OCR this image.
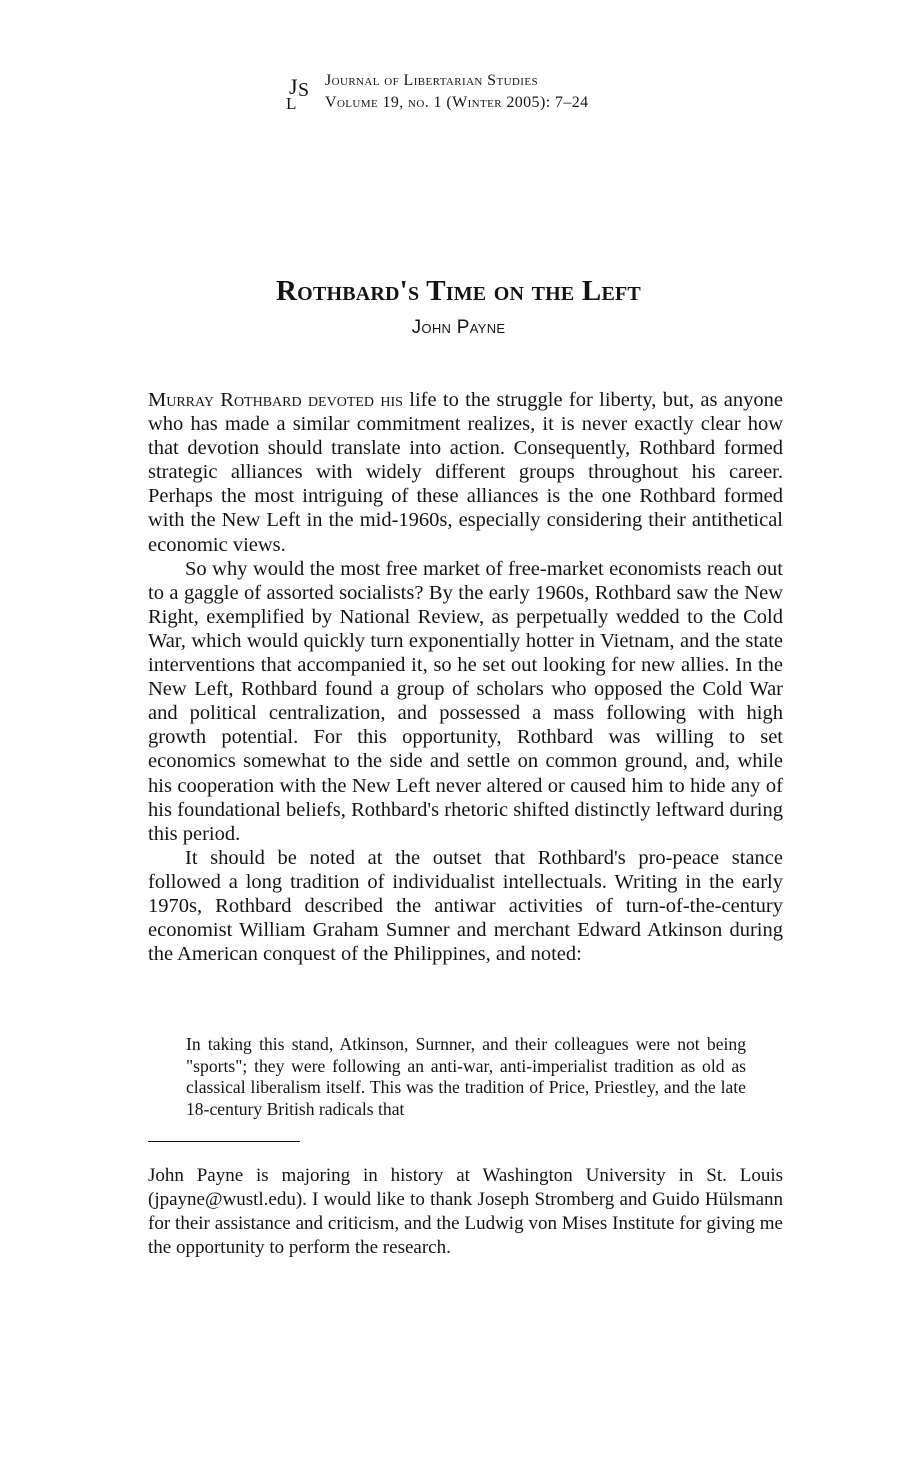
J S
L
Journal of Libertarian Studies
Volume 19, no. 1 (Winter 2005): 7–24
Rothbard's Time on the Left
John Payne

Murray Rothbard devoted his life to the struggle for liberty, but, as anyone who has made a similar commitment realizes, it is never exactly clear how that devotion should translate into action. Consequently, Rothbard formed strategic alliances with widely different groups throughout his career. Perhaps the most intriguing of these alliances is the one Rothbard formed with the New Left in the mid-1960s, especially considering their antithetical economic views.

So why would the most free market of free-market economists reach out to a gaggle of assorted socialists? By the early 1960s, Rothbard saw the New Right, exemplified by National Review, as perpetually wedded to the Cold War, which would quickly turn exponentially hotter in Vietnam, and the state interventions that accompanied it, so he set out looking for new allies. In the New Left, Rothbard found a group of scholars who opposed the Cold War and political centralization, and possessed a mass following with high growth potential. For this opportunity, Rothbard was willing to set economics somewhat to the side and settle on common ground, and, while his cooperation with the New Left never altered or caused him to hide any of his foundational beliefs, Rothbard's rhetoric shifted distinctly leftward during this period.

It should be noted at the outset that Rothbard's pro-peace stance followed a long tradition of individualist intellectuals. Writing in the early 1970s, Rothbard described the antiwar activities of turn-of-the-century economist William Graham Sumner and merchant Edward Atkinson during the American conquest of the Philippines, and noted:

In taking this stand, Atkinson, Surnner, and their colleagues were not being "sports"; they were following an anti-war, anti-imperialist tradition as old as classical liberalism itself. This was the tradition of Price, Priestley, and the late 18-century British radicals that

John Payne is majoring in history at Washington University in St. Louis (jpayne@wustl.edu). I would like to thank Joseph Stromberg and Guido Hülsmann for their assistance and criticism, and the Ludwig von Mises Institute for giving me the opportunity to perform the research.
